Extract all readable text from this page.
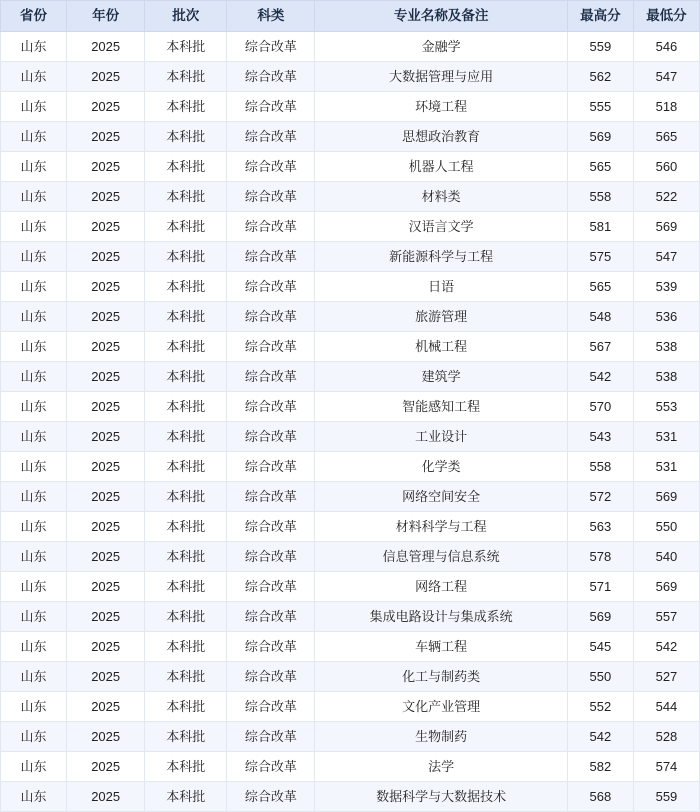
省份	年份	批次	科类	专业名称及备注	最高分	最低分
山东	2025	本科批	综合改革	金融学	559	546
山东	2025	本科批	综合改革	大数据管理与应用	562	547
山东	2025	本科批	综合改革	环境工程	555	518
山东	2025	本科批	综合改革	思想政治教育	569	565
山东	2025	本科批	综合改革	机器人工程	565	560
山东	2025	本科批	综合改革	材料类	558	522
山东	2025	本科批	综合改革	汉语言文学	581	569
山东	2025	本科批	综合改革	新能源科学与工程	575	547
山东	2025	本科批	综合改革	日语	565	539
山东	2025	本科批	综合改革	旅游管理	548	536
山东	2025	本科批	综合改革	机械工程	567	538
山东	2025	本科批	综合改革	建筑学	542	538
山东	2025	本科批	综合改革	智能感知工程	570	553
山东	2025	本科批	综合改革	工业设计	543	531
山东	2025	本科批	综合改革	化学类	558	531
山东	2025	本科批	综合改革	网络空间安全	572	569
山东	2025	本科批	综合改革	材料科学与工程	563	550
山东	2025	本科批	综合改革	信息管理与信息系统	578	540
山东	2025	本科批	综合改革	网络工程	571	569
山东	2025	本科批	综合改革	集成电路设计与集成系统	569	557
山东	2025	本科批	综合改革	车辆工程	545	542
山东	2025	本科批	综合改革	化工与制药类	550	527
山东	2025	本科批	综合改革	文化产业管理	552	544
山东	2025	本科批	综合改革	生物制药	542	528
山东	2025	本科批	综合改革	法学	582	574
山东	2025	本科批	综合改革	数据科学与大数据技术	568	559
